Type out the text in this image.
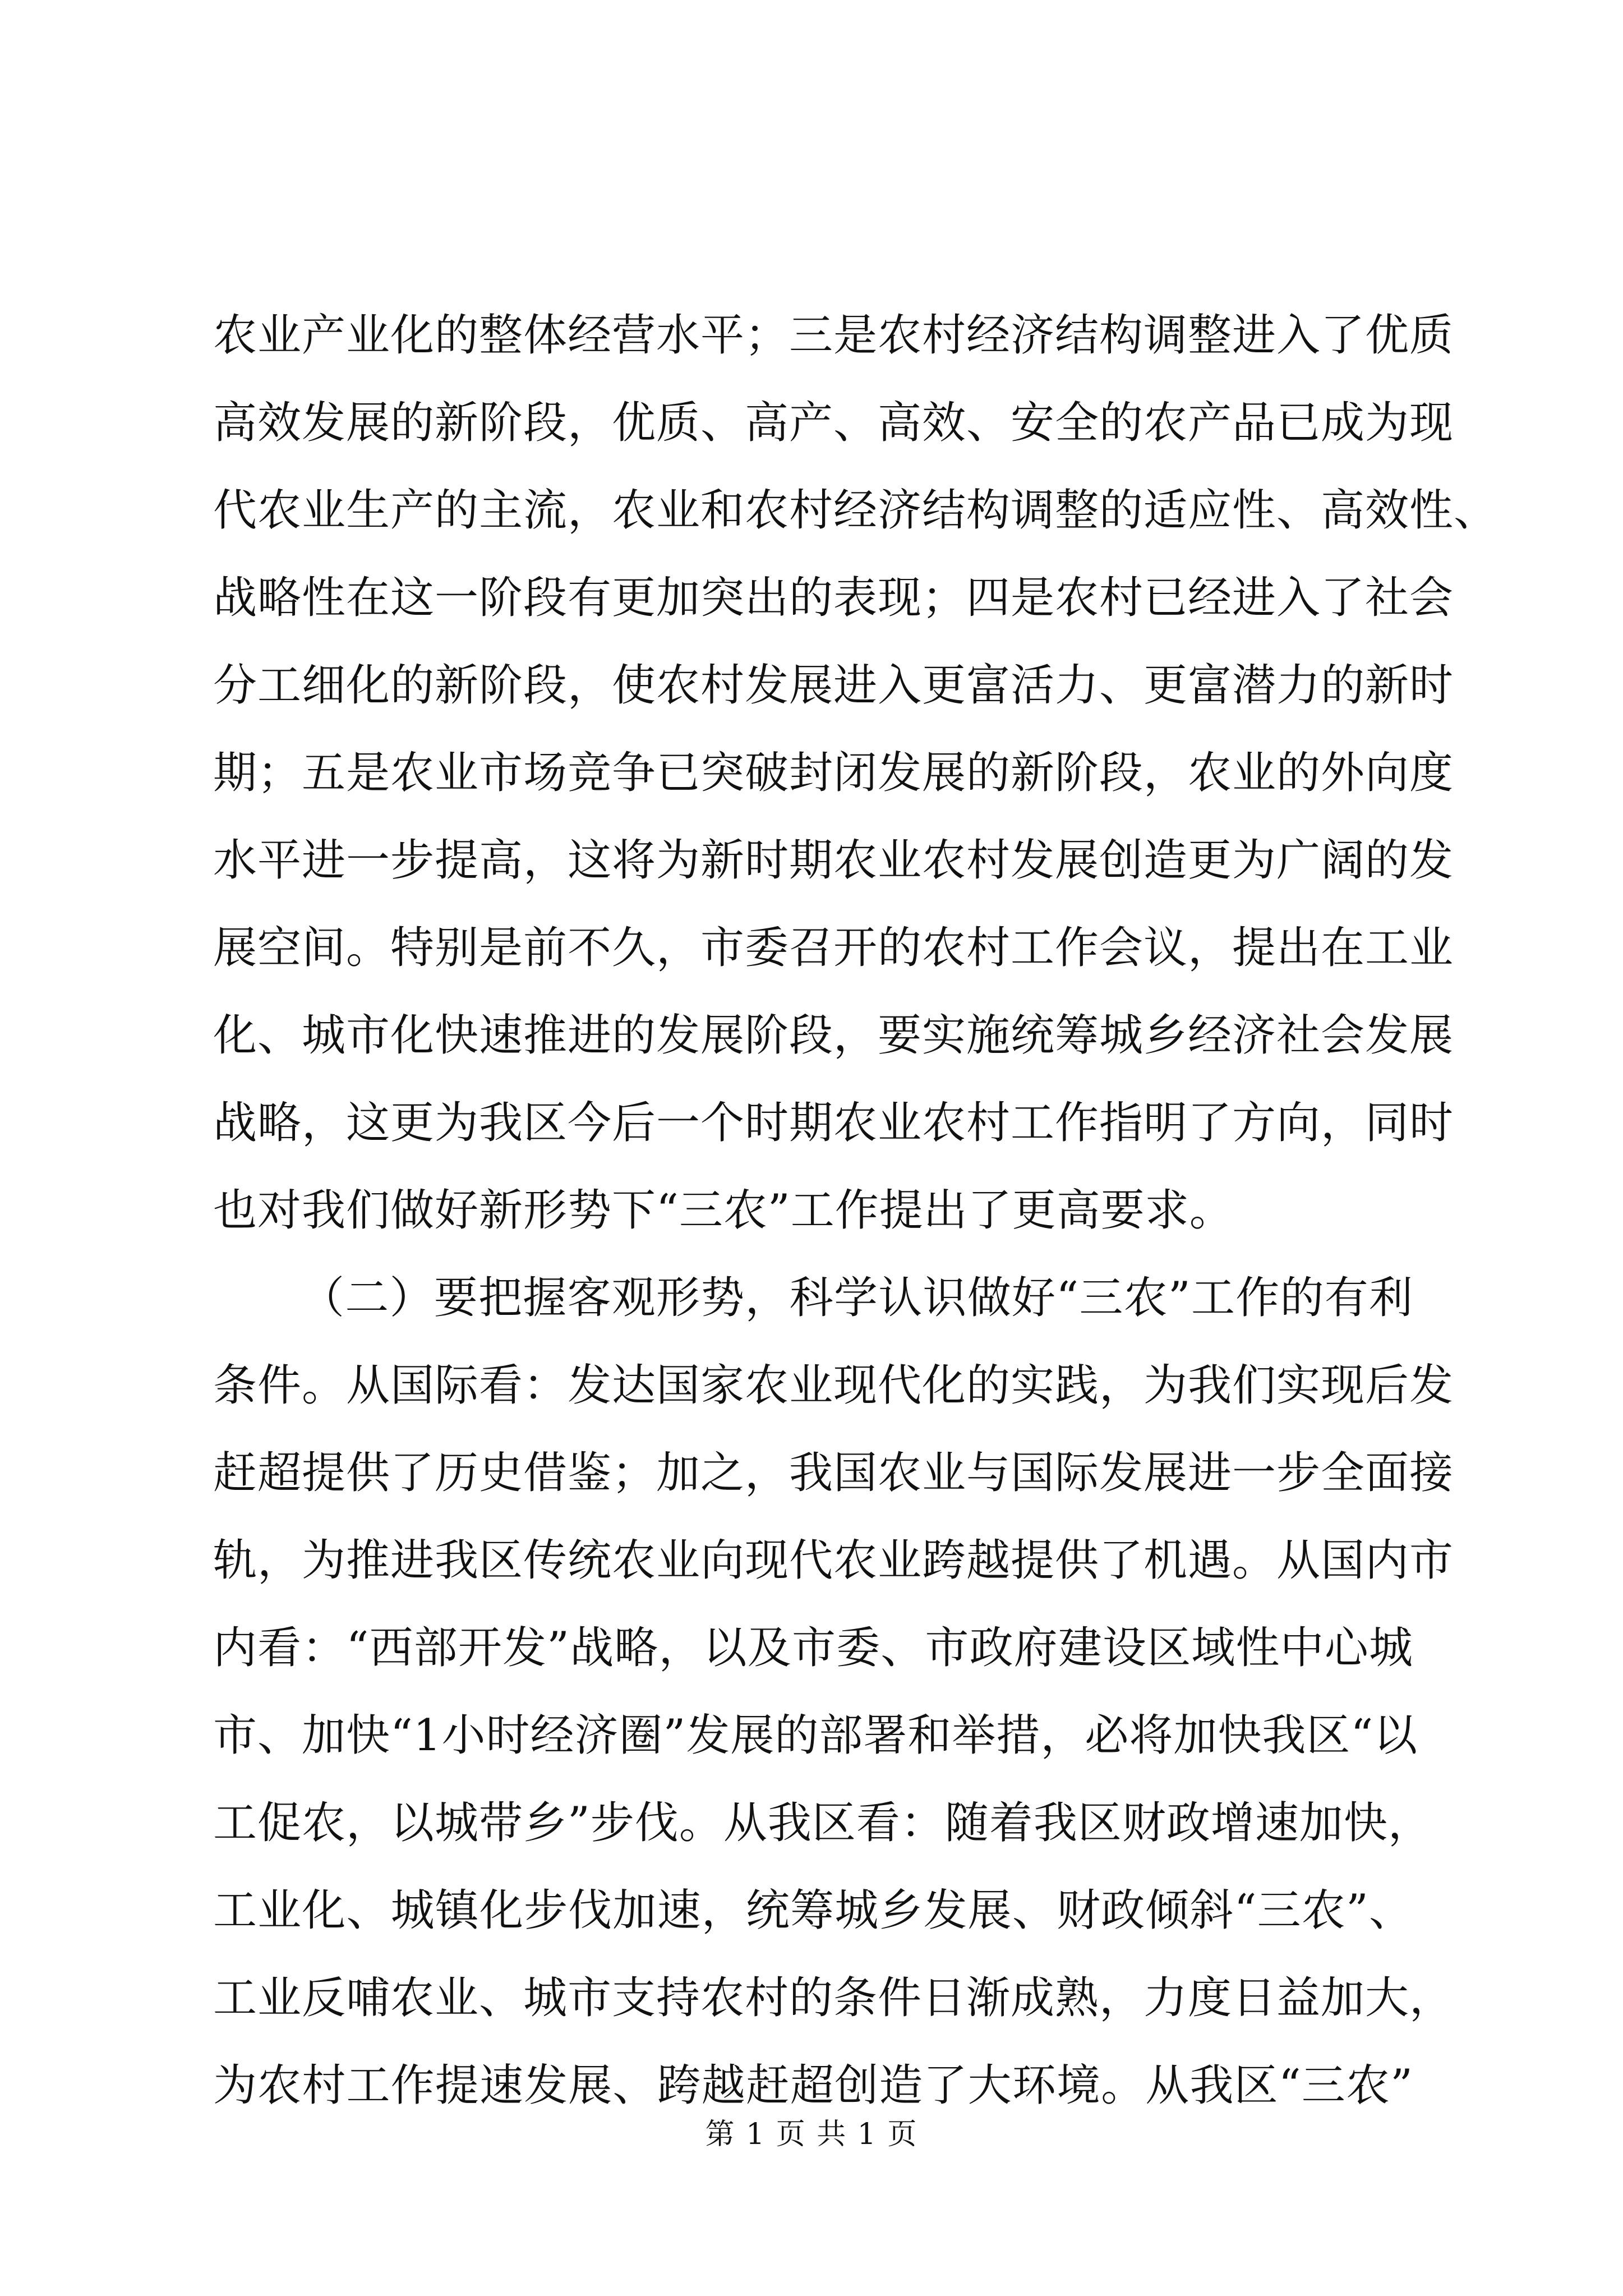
农业产业化的整体经营水平；三是农村经济结构调整进入了优质
高效发展的新阶段，优质、高产、高效、安全的农产品已成为现
代农业生产的主流，农业和农村经济结构调整的适应性、高效性、
战略性在这一阶段有更加突出的表现；四是农村已经进入了社会
分工细化的新阶段，使农村发展进入更富活力、更富潜力的新时
期；五是农业市场竞争已突破封闭发展的新阶段，农业的外向度
水平进一步提高，这将为新时期农业农村发展创造更为广阔的发
展空间。特别是前不久，市委召开的农村工作会议，提出在工业
化、城市化快速推进的发展阶段，要实施统筹城乡经济社会发展
战略，这更为我区今后一个时期农业农村工作指明了方向，同时
也对我们做好新形势下“三农”工作提出了更高要求。
（二）要把握客观形势，科学认识做好“三农”工作的有利
条件。从国际看：发达国家农业现代化的实践，为我们实现后发
赶超提供了历史借鉴；加之，我国农业与国际发展进一步全面接
轨，为推进我区传统农业向现代农业跨越提供了机遇。从国内市
内看：“西部开发”战略，以及市委、市政府建设区域性中心城
市、加快“1小时经济圈”发展的部署和举措，必将加快我区“以
工促农，以城带乡”步伐。从我区看：随着我区财政增速加快，
工业化、城镇化步伐加速，统筹城乡发展、财政倾斜“三农”、
工业反哺农业、城市支持农村的条件日渐成熟，力度日益加大，
为农村工作提速发展、跨越赶超创造了大环境。从我区“三农”
第 1 页 共 1 页
